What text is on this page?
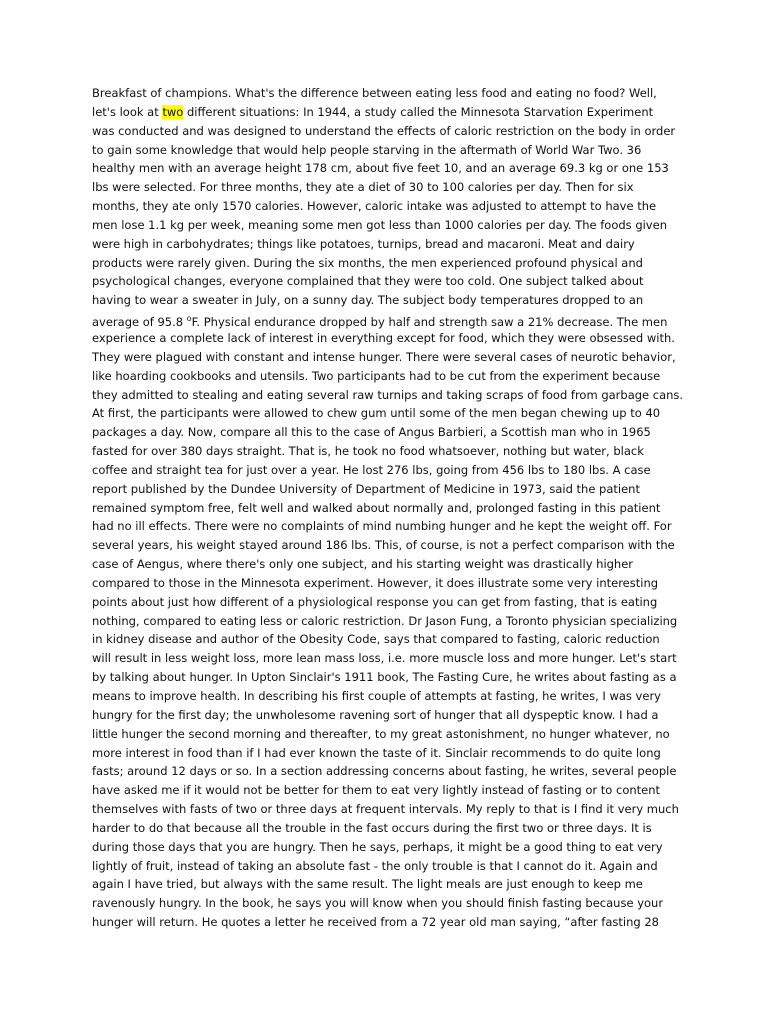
Breakfast of champions. What's the difference between eating less food and eating no food? Well,
let's look at two different situations: In 1944, a study called the Minnesota Starvation Experiment
was conducted and was designed to understand the effects of caloric restriction on the body in order
to gain some knowledge that would help people starving in the aftermath of World War Two. 36
healthy men with an average height 178 cm, about five feet 10, and an average 69.3 kg or one 153
lbs were selected. For three months, they ate a diet of 30 to 100 calories per day. Then for six
months, they ate only 1570 calories. However, caloric intake was adjusted to attempt to have the
men lose 1.1 kg per week, meaning some men got less than 1000 calories per day. The foods given
were high in carbohydrates; things like potatoes, turnips, bread and macaroni. Meat and dairy
products were rarely given. During the six months, the men experienced profound physical and
psychological changes, everyone complained that they were too cold. One subject talked about
having to wear a sweater in July, on a sunny day. The subject body temperatures dropped to an
average of 95.8 $^o$F. Physical endurance dropped by half and strength saw a 21% decrease. The men
experience a complete lack of interest in everything except for food, which they were obsessed with.
They were plagued with constant and intense hunger. There were several cases of neurotic behavior,
like hoarding cookbooks and utensils. Two participants had to be cut from the experiment because
they admitted to stealing and eating several raw turnips and taking scraps of food from garbage cans.
At first, the participants were allowed to chew gum until some of the men began chewing up to 40
packages a day. Now, compare all this to the case of Angus Barbieri, a Scottish man who in 1965
fasted for over 380 days straight. That is, he took no food whatsoever, nothing but water, black
coffee and straight tea for just over a year. He lost 276 lbs, going from 456 lbs to 180 lbs. A case
report published by the Dundee University of Department of Medicine in 1973, said the patient
remained symptom free, felt well and walked about normally and, prolonged fasting in this patient
had no ill effects. There were no complaints of mind numbing hunger and he kept the weight off. For
several years, his weight stayed around 186 lbs. This, of course, is not a perfect comparison with the
case of Aengus, where there's only one subject, and his starting weight was drastically higher
compared to those in the Minnesota experiment. However, it does illustrate some very interesting
points about just how different of a physiological response you can get from fasting, that is eating
nothing, compared to eating less or caloric restriction. Dr Jason Fung, a Toronto physician specializing
in kidney disease and author of the Obesity Code, says that compared to fasting, caloric reduction
will result in less weight loss, more lean mass loss, i.e. more muscle loss and more hunger. Let's start
by talking about hunger. In Upton Sinclair's 1911 book, The Fasting Cure, he writes about fasting as a
means to improve health. In describing his first couple of attempts at fasting, he writes, I was very
hungry for the first day; the unwholesome ravening sort of hunger that all dyspeptic know. I had a
little hunger the second morning and thereafter, to my great astonishment, no hunger whatever, no
more interest in food than if I had ever known the taste of it. Sinclair recommends to do quite long
fasts; around 12 days or so. In a section addressing concerns about fasting, he writes, several people
have asked me if it would not be better for them to eat very lightly instead of fasting or to content
themselves with fasts of two or three days at frequent intervals. My reply to that is I find it very much
harder to do that because all the trouble in the fast occurs during the first two or three days. It is
during those days that you are hungry. Then he says, perhaps, it might be a good thing to eat very
lightly of fruit, instead of taking an absolute fast - the only trouble is that I cannot do it. Again and
again I have tried, but always with the same result. The light meals are just enough to keep me
ravenously hungry. In the book, he says you will know when you should finish fasting because your
hunger will return. He quotes a letter he received from a 72 year old man saying, “after fasting 28
